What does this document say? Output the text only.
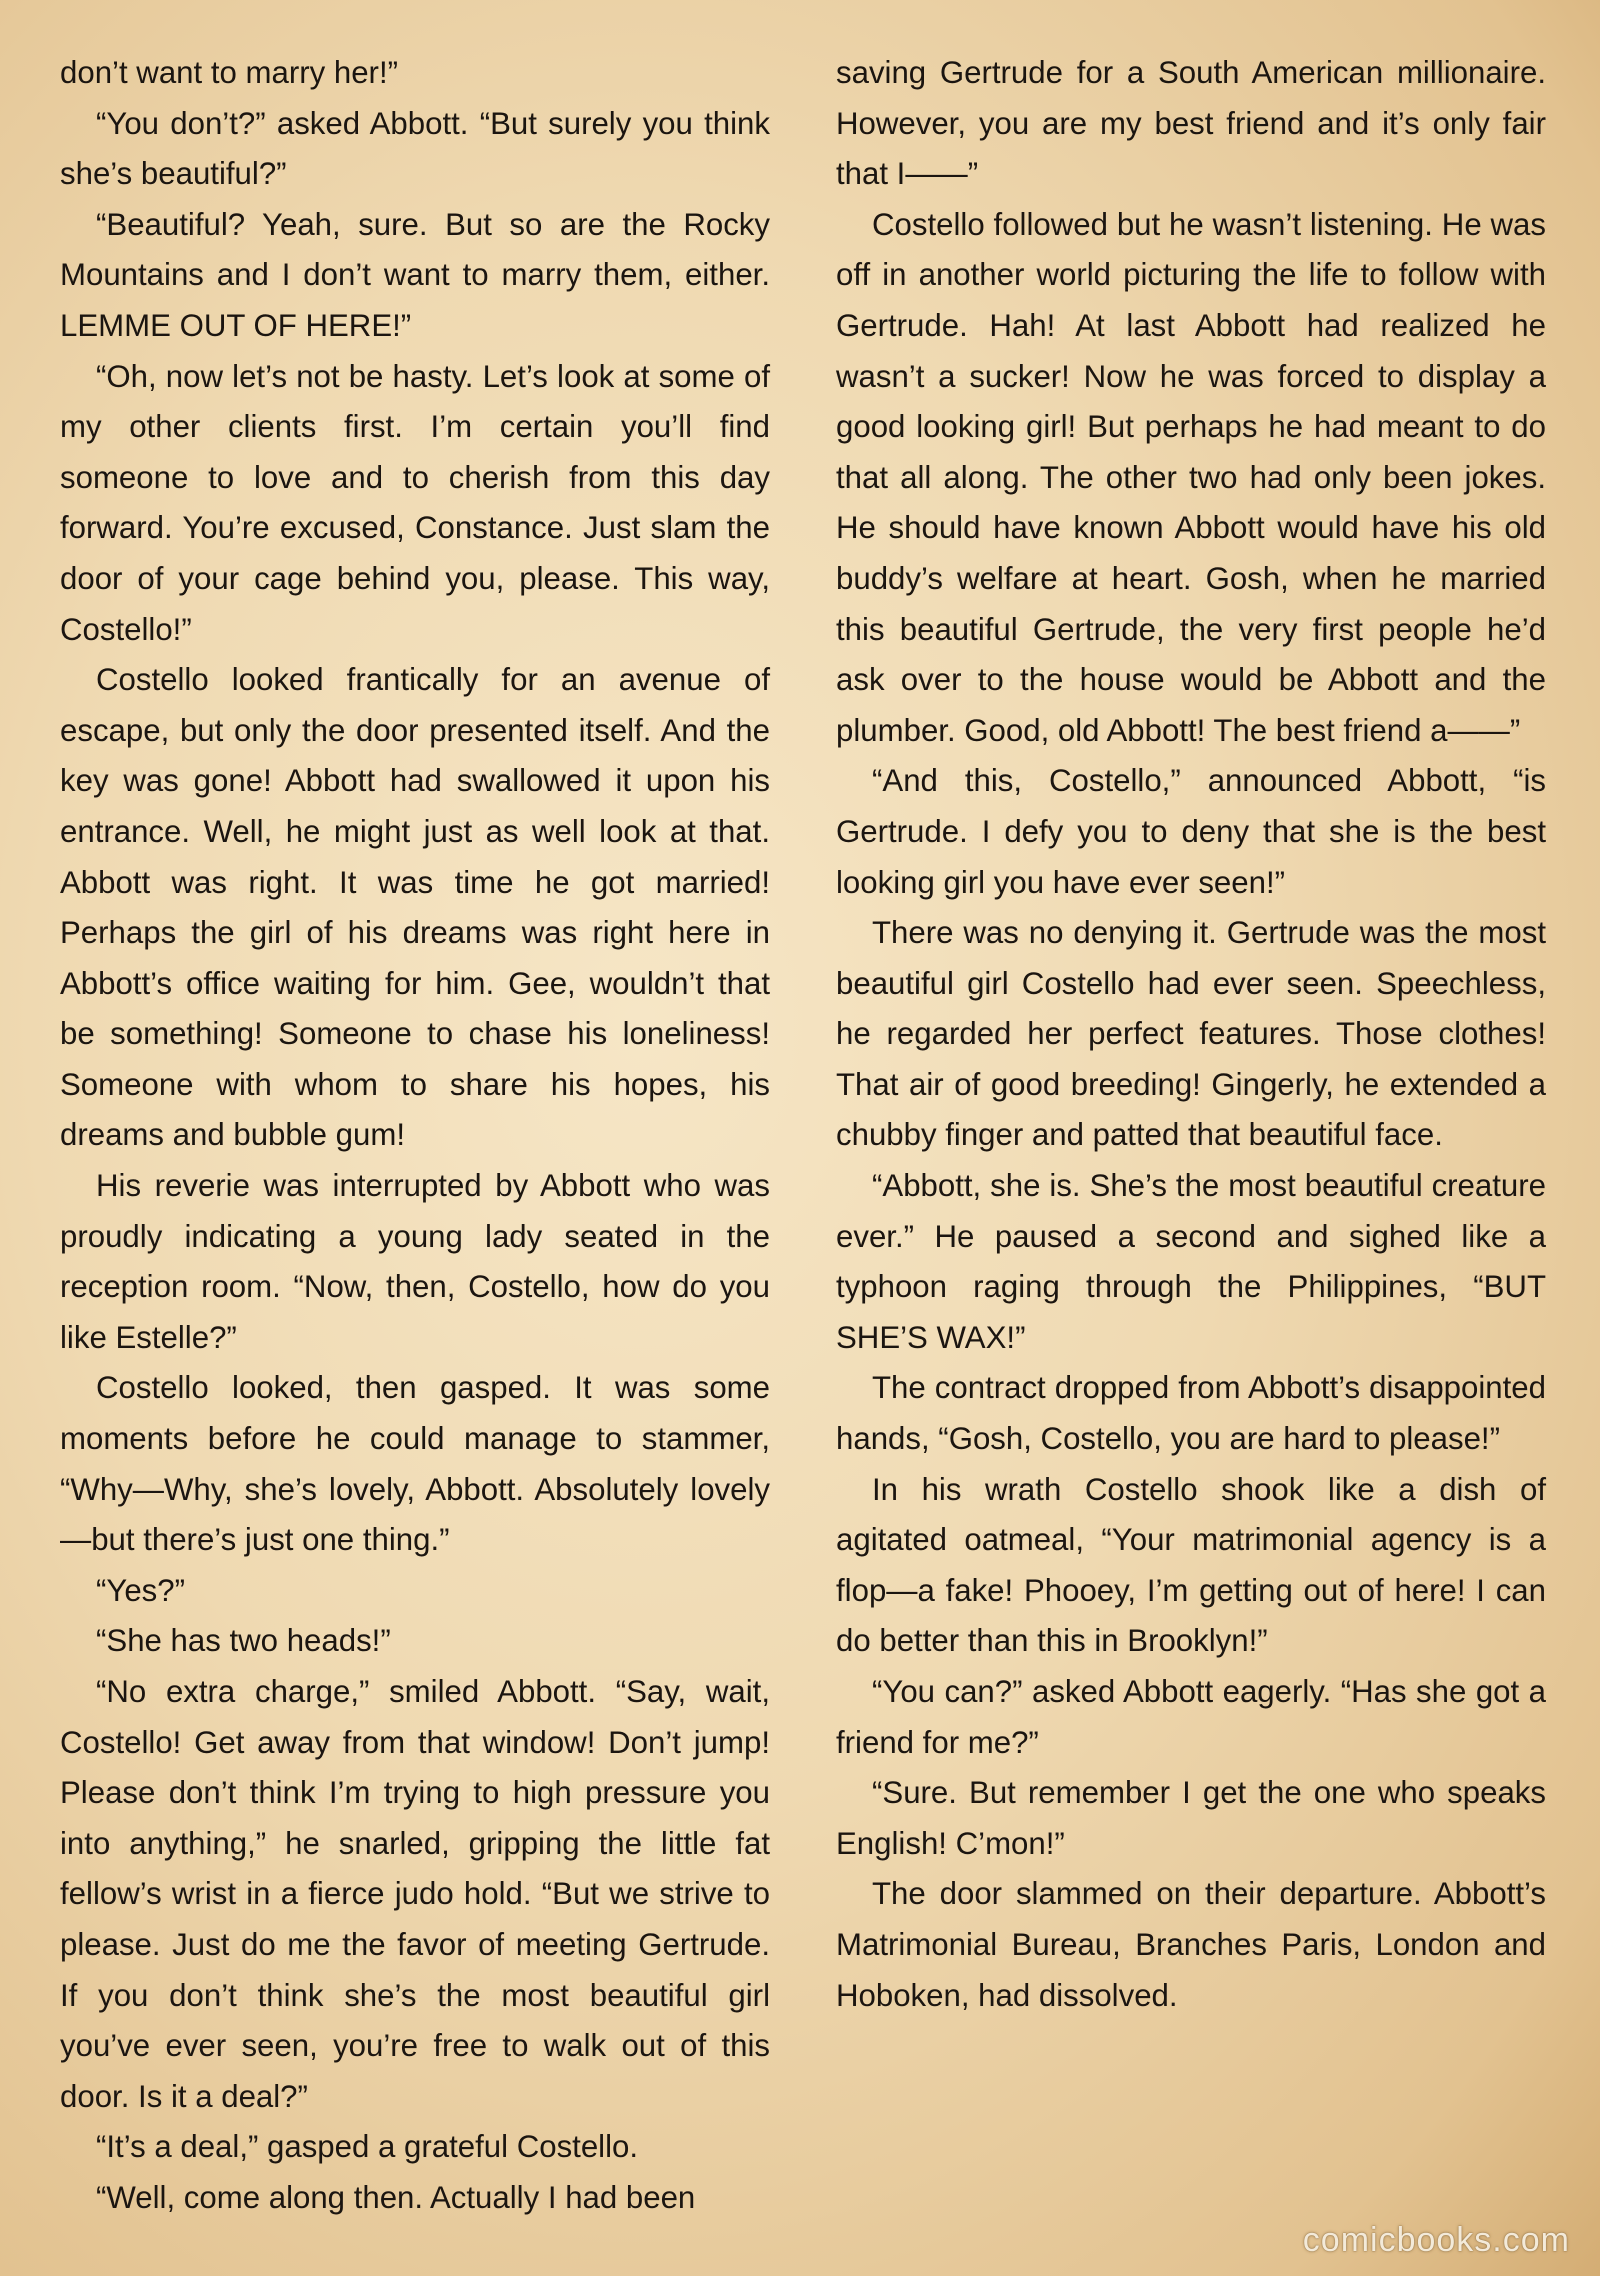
don’t want to marry her!”

“You don’t?” asked Abbott. “But surely you think she’s beautiful?”

“Beautiful? Yeah, sure. But so are the Rocky Mountains and I don’t want to marry them, either. LEMME OUT OF HERE!”

“Oh, now let’s not be hasty. Let’s look at some of my other clients first. I’m certain you’ll find someone to love and to cherish from this day forward. You’re excused, Constance. Just slam the door of your cage behind you, please. This way, Costello!”

Costello looked frantically for an avenue of escape, but only the door presented itself. And the key was gone! Abbott had swallowed it upon his entrance. Well, he might just as well look at that. Abbott was right. It was time he got married! Perhaps the girl of his dreams was right here in Abbott’s office waiting for him. Gee, wouldn’t that be something! Someone to chase his loneliness! Someone with whom to share his hopes, his dreams and bubble gum!

His reverie was interrupted by Abbott who was proudly indicating a young lady seated in the reception room. “Now, then, Costello, how do you like Estelle?”

Costello looked, then gasped. It was some moments before he could manage to stammer, “Why—Why, she’s lovely, Abbott. Absolutely lovely—but there’s just one thing.”

“Yes?”

“She has two heads!”

“No extra charge,” smiled Abbott. “Say, wait, Costello! Get away from that window! Don’t jump! Please don’t think I’m trying to high pressure you into anything,” he snarled, gripping the little fat fellow’s wrist in a fierce judo hold. “But we strive to please. Just do me the favor of meeting Gertrude. If you don’t think she’s the most beautiful girl you’ve ever seen, you’re free to walk out of this door. Is it a deal?”

“It’s a deal,” gasped a grateful Costello.

“Well, come along then. Actually I had been

saving Gertrude for a South American millionaire. However, you are my best friend and it’s only fair that I——”

Costello followed but he wasn’t listening. He was off in another world picturing the life to follow with Gertrude. Hah! At last Abbott had realized he wasn’t a sucker! Now he was forced to display a good looking girl! But perhaps he had meant to do that all along. The other two had only been jokes. He should have known Abbott would have his old buddy’s welfare at heart. Gosh, when he married this beautiful Gertrude, the very first people he’d ask over to the house would be Abbott and the plumber. Good, old Abbott! The best friend a——”

“And this, Costello,” announced Abbott, “is Gertrude. I defy you to deny that she is the best looking girl you have ever seen!”

There was no denying it. Gertrude was the most beautiful girl Costello had ever seen. Speechless, he regarded her perfect features. Those clothes! That air of good breeding! Gingerly, he extended a chubby finger and patted that beautiful face.

“Abbott, she is. She’s the most beautiful creature ever.” He paused a second and sighed like a typhoon raging through the Philippines, “BUT SHE’S WAX!”

The contract dropped from Abbott’s disappointed hands, “Gosh, Costello, you are hard to please!”

In his wrath Costello shook like a dish of agitated oatmeal, “Your matrimonial agency is a flop—a fake! Phooey, I’m getting out of here! I can do better than this in Brooklyn!”

“You can?” asked Abbott eagerly. “Has she got a friend for me?”

“Sure. But remember I get the one who speaks English! C’mon!”

The door slammed on their departure. Abbott’s Matrimonial Bureau, Branches Paris, London and Hoboken, had dissolved.

comicbooks.com
